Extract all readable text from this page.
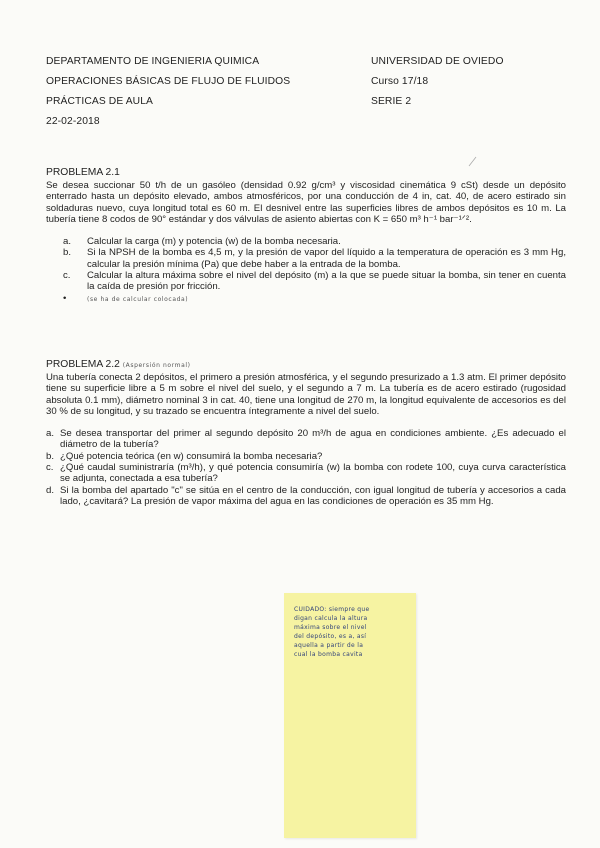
DEPARTAMENTO DE INGENIERIA QUIMICA
OPERACIONES BÁSICAS DE FLUJO DE FLUIDOS
PRÁCTICAS DE AULA
22-02-2018
UNIVERSIDAD DE OVIEDO
Curso 17/18
SERIE 2
PROBLEMA 2.1
Se desea succionar 50 t/h de un gasóleo (densidad 0.92 g/cm³ y viscosidad cinemática 9 cSt) desde un depósito enterrado hasta un depósito elevado, ambos atmosféricos, por una conducción de 4 in, cat. 40, de acero estirado sin soldaduras nuevo, cuya longitud total es 60 m. El desnivel entre las superficies libres de ambos depósitos es 10 m. La tubería tiene 8 codos de 90° estándar y dos válvulas de asiento abiertas con K = 650 m³ h⁻¹ bar⁻¹ᐟ².
a. Calcular la carga (m) y potencia (w) de la bomba necesaria.
b. Si la NPSH de la bomba es 4,5 m, y la presión de vapor del líquido a la temperatura de operación es 3 mm Hg, calcular la presión mínima (Pa) que debe haber a la entrada de la bomba.
c. Calcular la altura máxima sobre el nivel del depósito (m) a la que se puede situar la bomba, sin tener en cuenta la caída de presión por fricción.
•	(se ha de calcular colocada)
PROBLEMA 2.2 (Aspersión normal)
Una tubería conecta 2 depósitos, el primero a presión atmosférica, y el segundo presurizado a 1.3 atm. El primer depósito tiene su superficie libre a 5 m sobre el nivel del suelo, y el segundo a 7 m. La tubería es de acero estirado (rugosidad absoluta 0.1 mm), diámetro nominal 3 in cat. 40, tiene una longitud de 270 m, la longitud equivalente de accesorios es del 30 % de su longitud, y su trazado se encuentra íntegramente a nivel del suelo.
a. Se desea transportar del primer al segundo depósito 20 m³/h de agua en condiciones ambiente. ¿Es adecuado el diámetro de la tubería?
b. ¿Qué potencia teórica (en w) consumirá la bomba necesaria?
c. ¿Qué caudal suministraría (m³/h), y qué potencia consumiría (w) la bomba con rodete 100, cuya curva característica se adjunta, conectada a esa tubería?
d. Si la bomba del apartado "c" se sitúa en el centro de la conducción, con igual longitud de tubería y accesorios a cada lado, ¿cavitará? La presión de vapor máxima del agua en las condiciones de operación es 35 mm Hg.
CUIDADO: siempre que
digan calcula la altura
máxima sobre el nivel
del depósito, es a, así
aquella a partir de la
cual la bomba cavita
